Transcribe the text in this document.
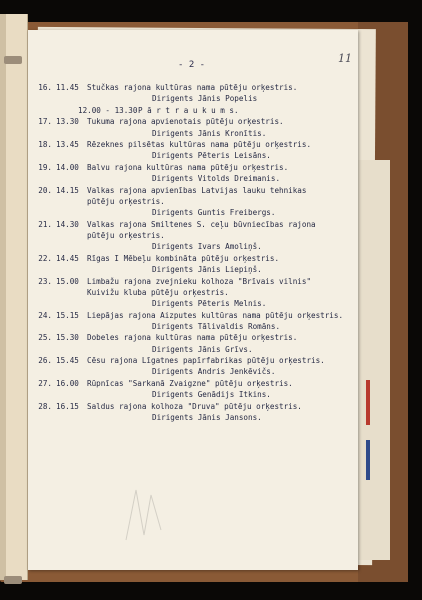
11
- 2 -
16. 11.45 Stučkas rajona kultūras nama pūtēju orķestris.
Dirigents Jānis Popelis
12.00 - 13.30 P ā r t r a u k u m s.
17. 13.30 Tukuma rajona apvienotais pūtēju orķestris.
Dirigents Jānis Kronītis.
18. 13.45 Rēzeknes pilsētas kultūras nama pūtēju orķestris.
Dirigents Pēteris Leisāns.
19. 14.00 Balvu rajona kultūras nama pūtēju orķestris.
Dirigents Vitolds Dreimanis.
20. 14.15 Valkas rajona apvienības Latvijas lauku tehnikas
pūtēju orķestris.
Dirigents Guntis Freibergs.
21. 14.30 Valkas rajona Smiltenes S. ceļu būvniecības rajona
pūtēju orķestris.
Dirigents Ivars Amoliņš.
22. 14.45 Rīgas I Mēbeļu kombināta pūtēju orķestris.
Dirigents Jānis Liepiņš.
23. 15.00 Limbažu rajona zvejnieku kolhoza "Brīvais vilnis"
Kuivižu kluba pūtēju orķestris.
Dirigents Pēteris Melnis.
24. 15.15 Liepājas rajona Aizputes kultūras nama pūtēju orķestris.
Dirigents Tālivaldis Romāns.
25. 15.30 Dobeles rajona kultūras nama pūtēju orķestris.
Dirigents Jānis Grīvs.
26. 15.45 Cēsu rajona Līgatnes papīrfabrikas pūtēju orķestris.
Dirigents Andris Jenkēvičs.
27. 16.00 Rūpnīcas "Sarkanā Zvaigzne" pūtēju orķestris.
Dirigents Genādijs Itkins.
28. 16.15 Saldus rajona kolhoza "Druva" pūtēju orķestris.
Dirigents Jānis Jansons.
